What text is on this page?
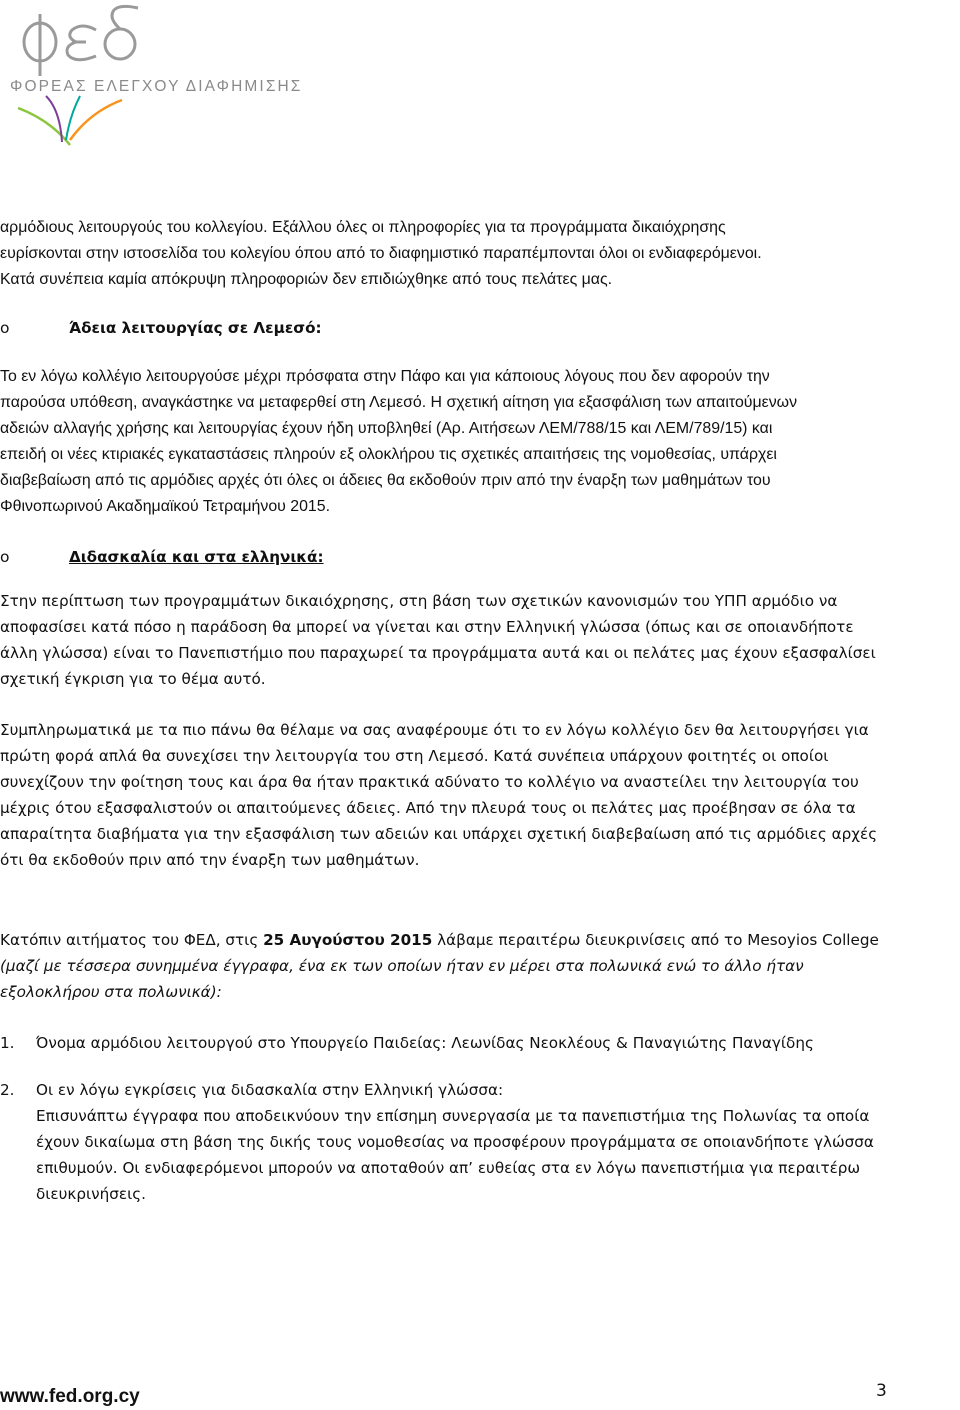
ΦΟΡΕΑΣ ΕΛΕΓΧΟΥ ΔΙΑΦΗΜΙΣΗΣ
αρμόδιους λειτουργούς του κολλεγίου. Εξάλλου όλες οι πληροφορίες για τα προγράμματα δικαιόχρησης
ευρίσκονται στην ιστοσελίδα του κολεγίου όπου από το διαφημιστικό παραπέμπονται όλοι οι ενδιαφερόμενοι.
Κατά συνέπεια καμία απόκρυψη πληροφοριών δεν επιδιώχθηκε από τους πελάτες μας.
o	Άδεια λειτουργίας σε Λεμεσό:
Το εν λόγω κολλέγιο λειτουργούσε μέχρι πρόσφατα στην Πάφο και για κάποιους λόγους που δεν αφορούν την
παρούσα υπόθεση, αναγκάστηκε να μεταφερθεί στη Λεμεσό. Η σχετική αίτηση για εξασφάλιση των απαιτούμενων
αδειών αλλαγής χρήσης και λειτουργίας έχουν ήδη υποβληθεί (Αρ. Αιτήσεων ΛΕΜ/788/15 και ΛΕΜ/789/15) και
επειδή οι νέες κτιριακές εγκαταστάσεις πληρούν εξ ολοκλήρου τις σχετικές απαιτήσεις της νομοθεσίας, υπάρχει
διαβεβαίωση από τις αρμόδιες αρχές ότι όλες οι άδειες θα εκδοθούν πριν από την έναρξη των μαθημάτων του
Φθινοπωρινού Ακαδημαϊκού Τετραμήνου 2015.
o	Διδασκαλία και στα ελληνικά:
Στην περίπτωση των προγραμμάτων δικαιόχρησης, στη βάση των σχετικών κανονισμών του ΥΠΠ αρμόδιο να
αποφασίσει κατά πόσο η παράδοση θα μπορεί να γίνεται και στην Ελληνική γλώσσα (όπως και σε οποιανδήποτε
άλλη γλώσσα) είναι το Πανεπιστήμιο που παραχωρεί τα προγράμματα αυτά και οι πελάτες μας έχουν εξασφαλίσει
σχετική έγκριση για το θέμα αυτό.
Συμπληρωματικά με τα πιο πάνω θα θέλαμε να σας αναφέρουμε ότι το εν λόγω κολλέγιο δεν θα λειτουργήσει για
πρώτη φορά απλά θα συνεχίσει την λειτουργία του στη Λεμεσό. Κατά συνέπεια υπάρχουν φοιτητές οι οποίοι
συνεχίζουν την φοίτηση τους και άρα θα ήταν πρακτικά αδύνατο το κολλέγιο να αναστείλει την λειτουργία του
μέχρις ότου εξασφαλιστούν οι απαιτούμενες άδειες. Από την πλευρά τους οι πελάτες μας προέβησαν σε όλα τα
απαραίτητα διαβήματα για την εξασφάλιση των αδειών και υπάρχει σχετική διαβεβαίωση από τις αρμόδιες αρχές
ότι θα εκδοθούν πριν από την έναρξη των μαθημάτων.
Κατόπιν αιτήματος του ΦΕΔ, στις 25 Αυγούστου 2015 λάβαμε περαιτέρω διευκρινίσεις από το Mesoyios College
(μαζί με τέσσερα συνημμένα έγγραφα, ένα εκ των οποίων ήταν εν μέρει στα πολωνικά ενώ το άλλο ήταν
εξολοκλήρου στα πολωνικά):
1.	Όνομα αρμόδιου λειτουργού στο Υπουργείο Παιδείας: Λεωνίδας Νεοκλέους & Παναγιώτης Παναγίδης
2.	Οι εν λόγω εγκρίσεις για διδασκαλία στην Ελληνική γλώσσα:
Επισυνάπτω έγγραφα που αποδεικνύουν την επίσημη συνεργασία με τα πανεπιστήμια της Πολωνίας τα οποία
έχουν δικαίωμα στη βάση της δικής τους νομοθεσίας να προσφέρουν προγράμματα σε οποιανδήποτε γλώσσα
επιθυμούν. Οι ενδιαφερόμενοι μπορούν να αποταθούν απ’ ευθείας στα εν λόγω πανεπιστήμια για περαιτέρω
διευκρινήσεις.
www.fed.org.cy	3
